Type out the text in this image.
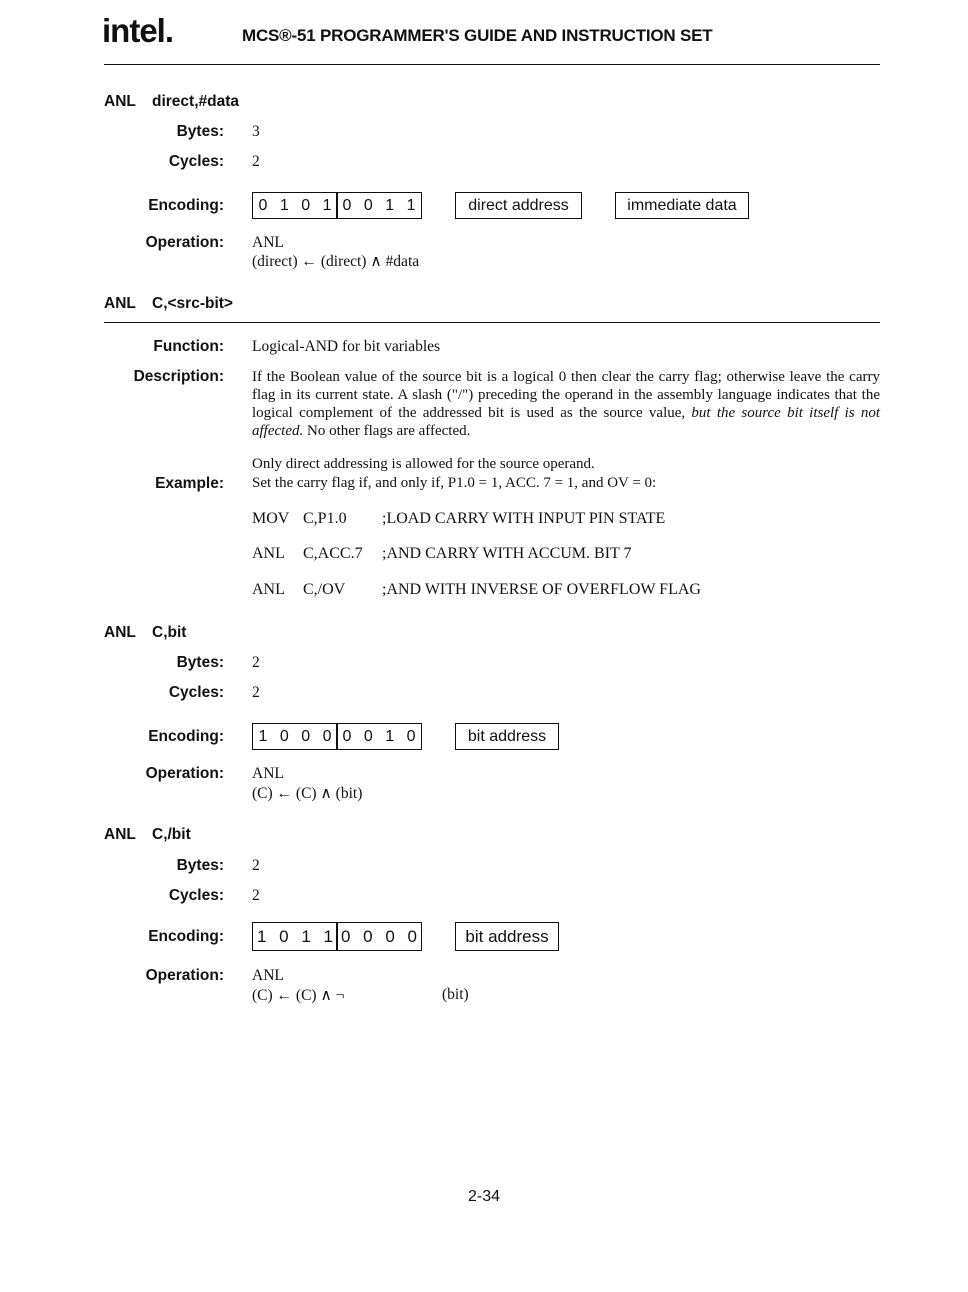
intel.	MCS®-51 PROGRAMMER'S GUIDE AND INSTRUCTION SET
ANL direct,#data
Bytes: 3
Cycles: 2
Encoding:	0 1 0 1 0 0 1 1	direct address	immediate data
Operation: ANL
(direct) ← (direct) ∧ #data
ANL C,<src-bit>
Function: Logical-AND for bit variables
Description: If the Boolean value of the source bit is a logical 0 then clear the carry flag; otherwise leave the carry flag in its current state. A slash ("/") preceding the operand in the assembly language indicates that the logical complement of the addressed bit is used as the source value, but the source bit itself is not affected. No other flags are affected.
Only direct addressing is allowed for the source operand.
Example: Set the carry flag if, and only if, P1.0 = 1, ACC. 7 = 1, and OV = 0:
MOV C,P1.0 ;LOAD CARRY WITH INPUT PIN STATE
ANL C,ACC.7 ;AND CARRY WITH ACCUM. BIT 7
ANL C,/OV ;AND WITH INVERSE OF OVERFLOW FLAG
ANL C,bit
Bytes: 2
Cycles: 2
Encoding:	1 0 0 0 0 0 1 0	bit address
Operation: ANL
(C) ← (C) ∧ (bit)
ANL C,/bit
Bytes: 2
Cycles: 2
Encoding: 1 0 1 1 0 0 0 0	bit address
Operation: ANL
(C) ← (C) ∧ ¬	(bit)
2-34
